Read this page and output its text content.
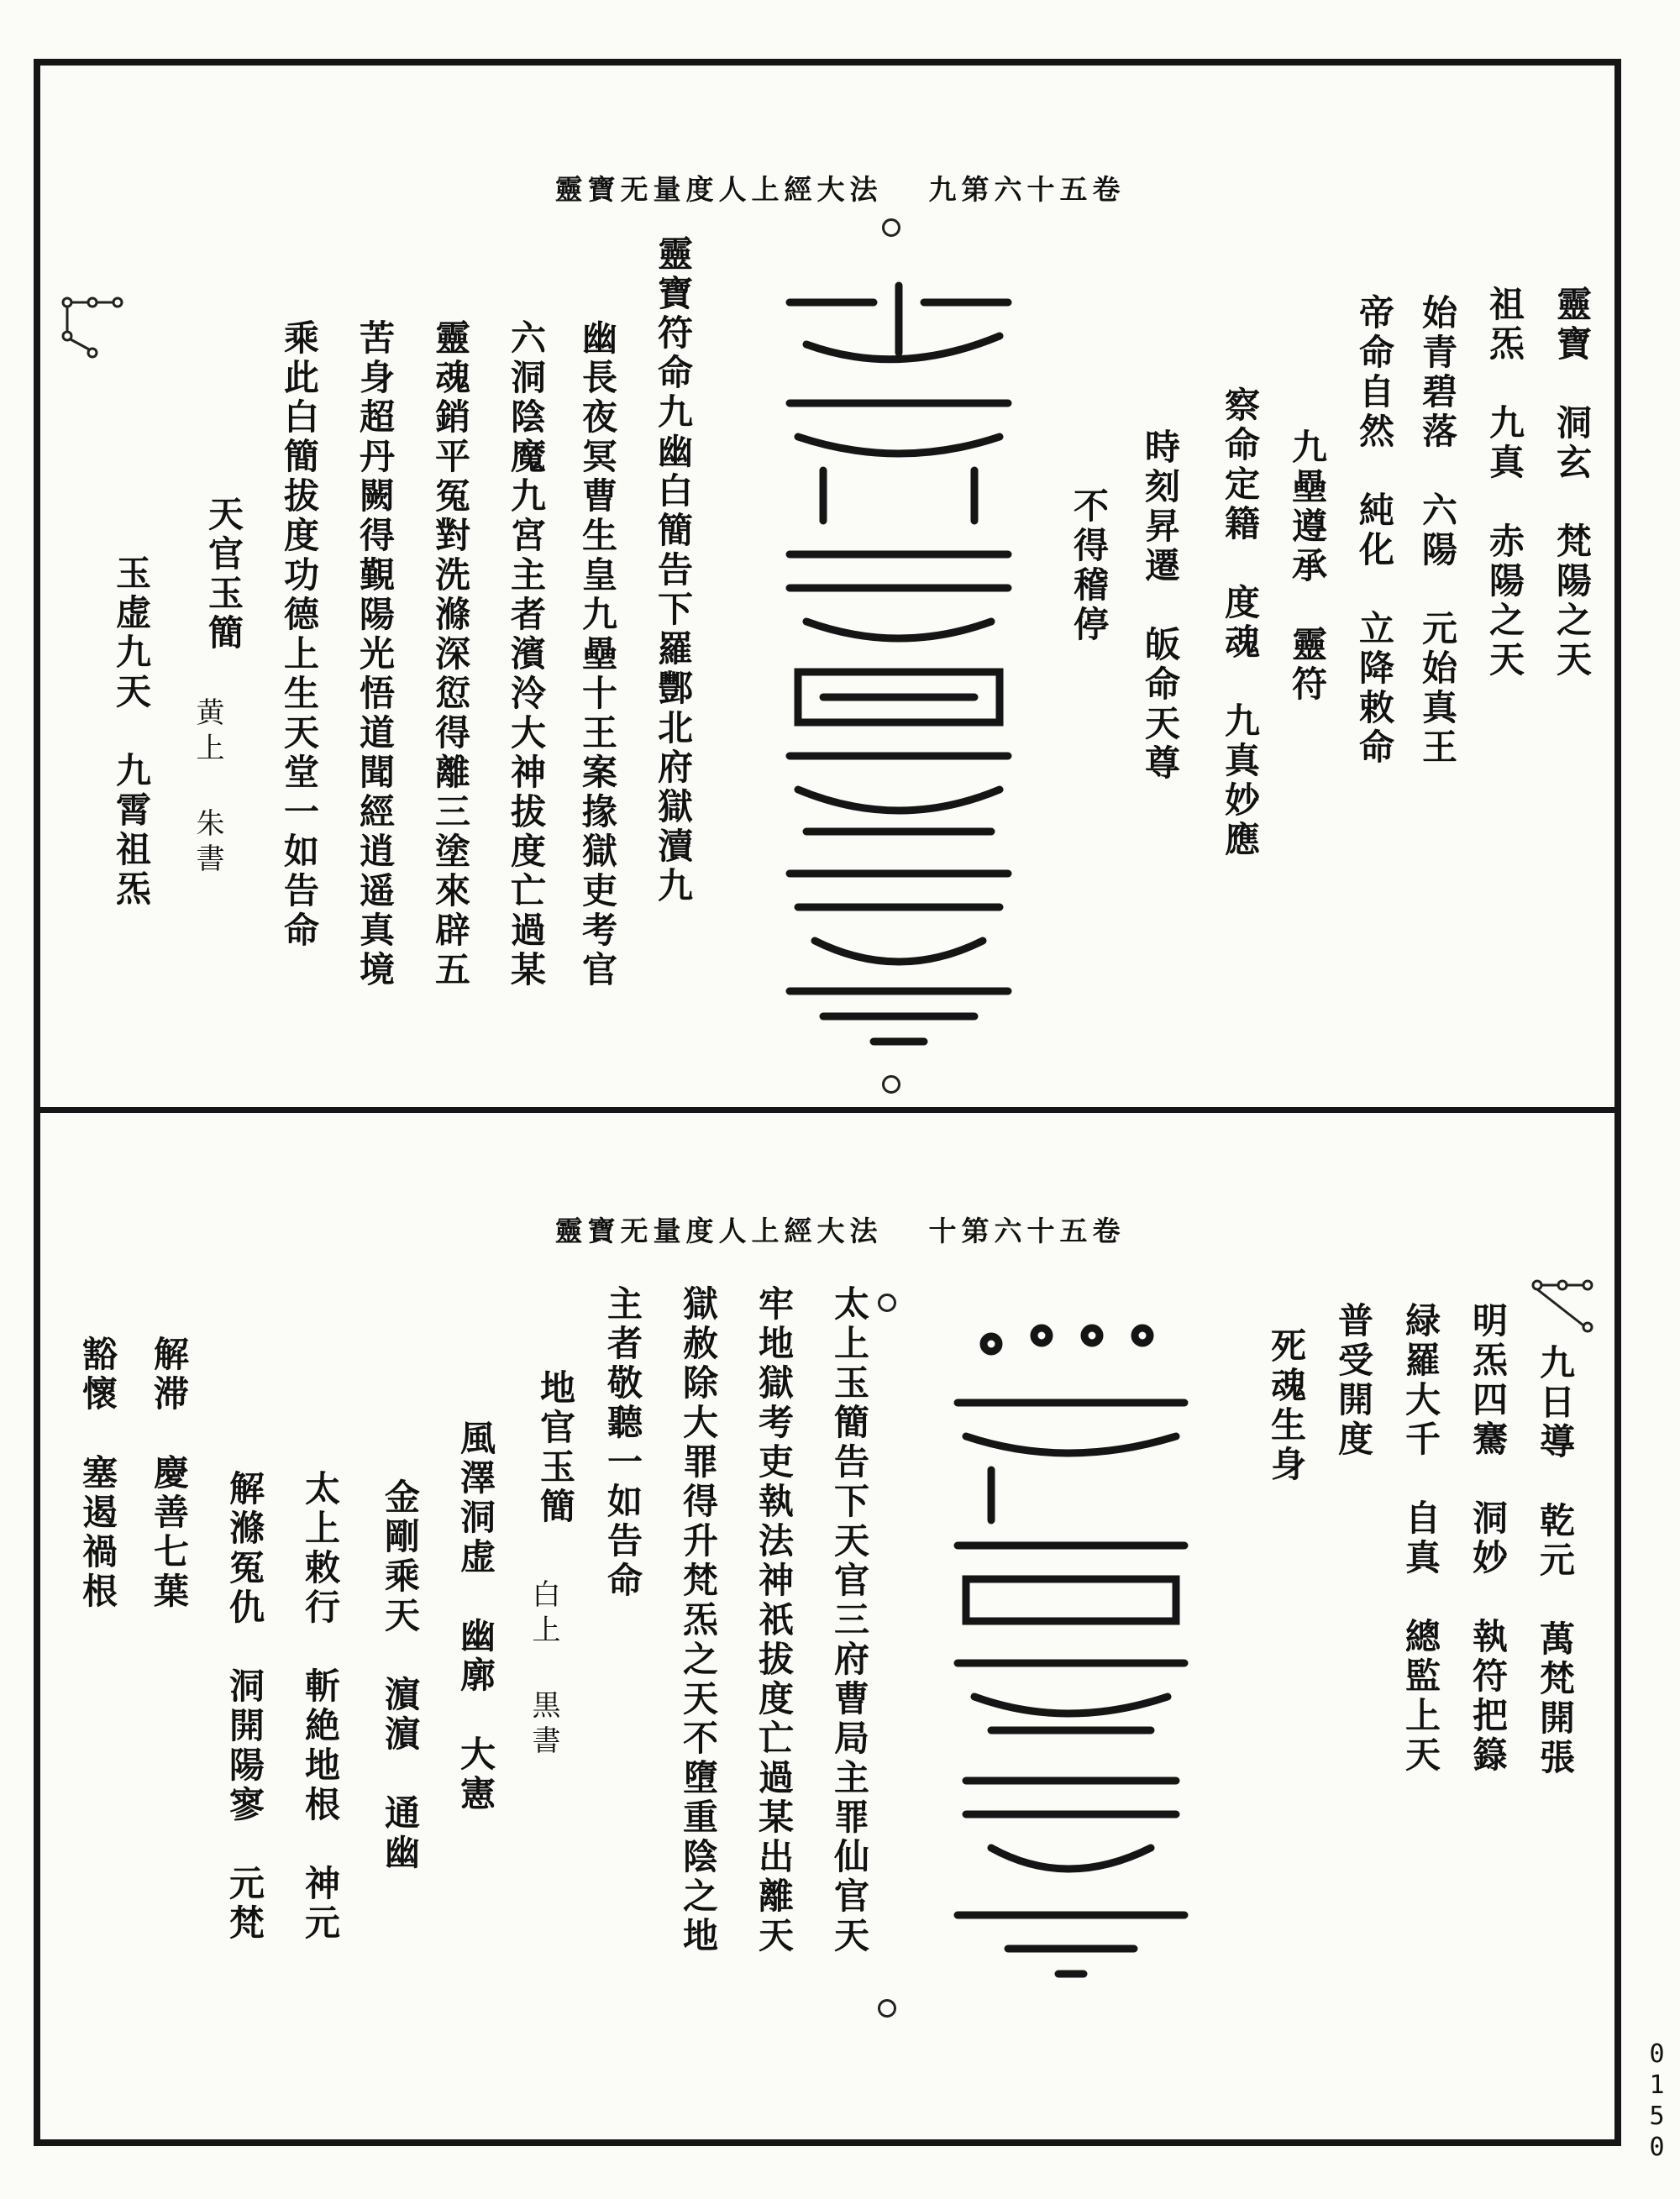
靈寶无量度人上經大法 卷五十六第九
靈寶　洞玄　梵陽之天
祖炁　九真　赤陽之天
始青碧落　六陽　元始真王
帝命自然　純化　立降敕命
九壘遵承　靈符
察命定籍　度魂　九真妙應
時刻昇遷　皈命天尊
不得稽停
靈寶符命九幽白簡告下羅酆北府獄瀆九
幽長夜冥曹生皇九壘十王案掾獄吏考官
六洞陰魔九宮主者濱泠大神拔度亡過某
靈魂銷平冤對洗滌深愆得離三塗來辟五
苦身超丹闕得覲陽光悟道聞經逍遥真境
乘此白簡拔度功德上生天堂一如告命
天官玉簡
黄上 朱書
玉虚九天　九霄祖炁
靈寶无量度人上經大法 卷五十六第十
九日導　乾元　萬梵開張
明炁四騫　洞妙　執符把籙
緑羅大千　自真　總監上天
普受開度
死魂生身
太上玉簡告下天官三府曹局主罪仙官天
牢地獄考吏執法神祇拔度亡過某出離天
獄赦除大罪得升梵炁之天不墮重陰之地
主者敬聽一如告命
地官玉簡
白上 黒書
風澤洞虚　幽廓　大憲
金剛乘天　濵濵　通幽
太上敕行　斬絶地根　神元
解滌冤仇　洞開陽寥　元梵
解滞　慶善七葉
豁懷　塞遏禍根
0150
